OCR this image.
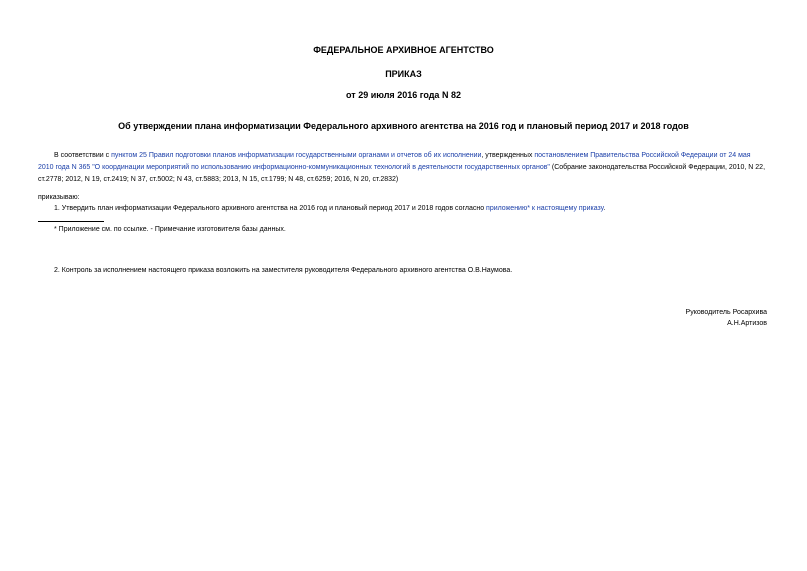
ФЕДЕРАЛЬНОЕ АРХИВНОЕ АГЕНТСТВО
ПРИКАЗ
от 29 июля 2016 года N 82
Об утверждении плана информатизации Федерального архивного агентства на 2016 год и плановый период 2017 и 2018 годов
В соответствии с пунктом 25 Правил подготовки планов информатизации государственными органами и отчетов об их исполнении, утвержденных постановлением Правительства Российской Федерации от 24 мая 2010 года N 365 "О координации мероприятий по использованию информационно-коммуникационных технологий в деятельности государственных органов" (Собрание законодательства Российской Федерации, 2010, N 22, ст.2778; 2012, N 19, ст.2419; N 37, ст.5002; N 43, ст.5883; 2013, N 15, ст.1799; N 48, ст.6259; 2016, N 20, ст.2832)
приказываю:
1. Утвердить план информатизации Федерального архивного агентства на 2016 год и плановый период 2017 и 2018 годов согласно приложению* к настоящему приказу.
* Приложение см. по ссылке. - Примечание изготовителя базы данных.
2. Контроль за исполнением настоящего приказа возложить на заместителя руководителя Федерального архивного агентства О.В.Наумова.
Руководитель Росархива
А.Н.Артизов
